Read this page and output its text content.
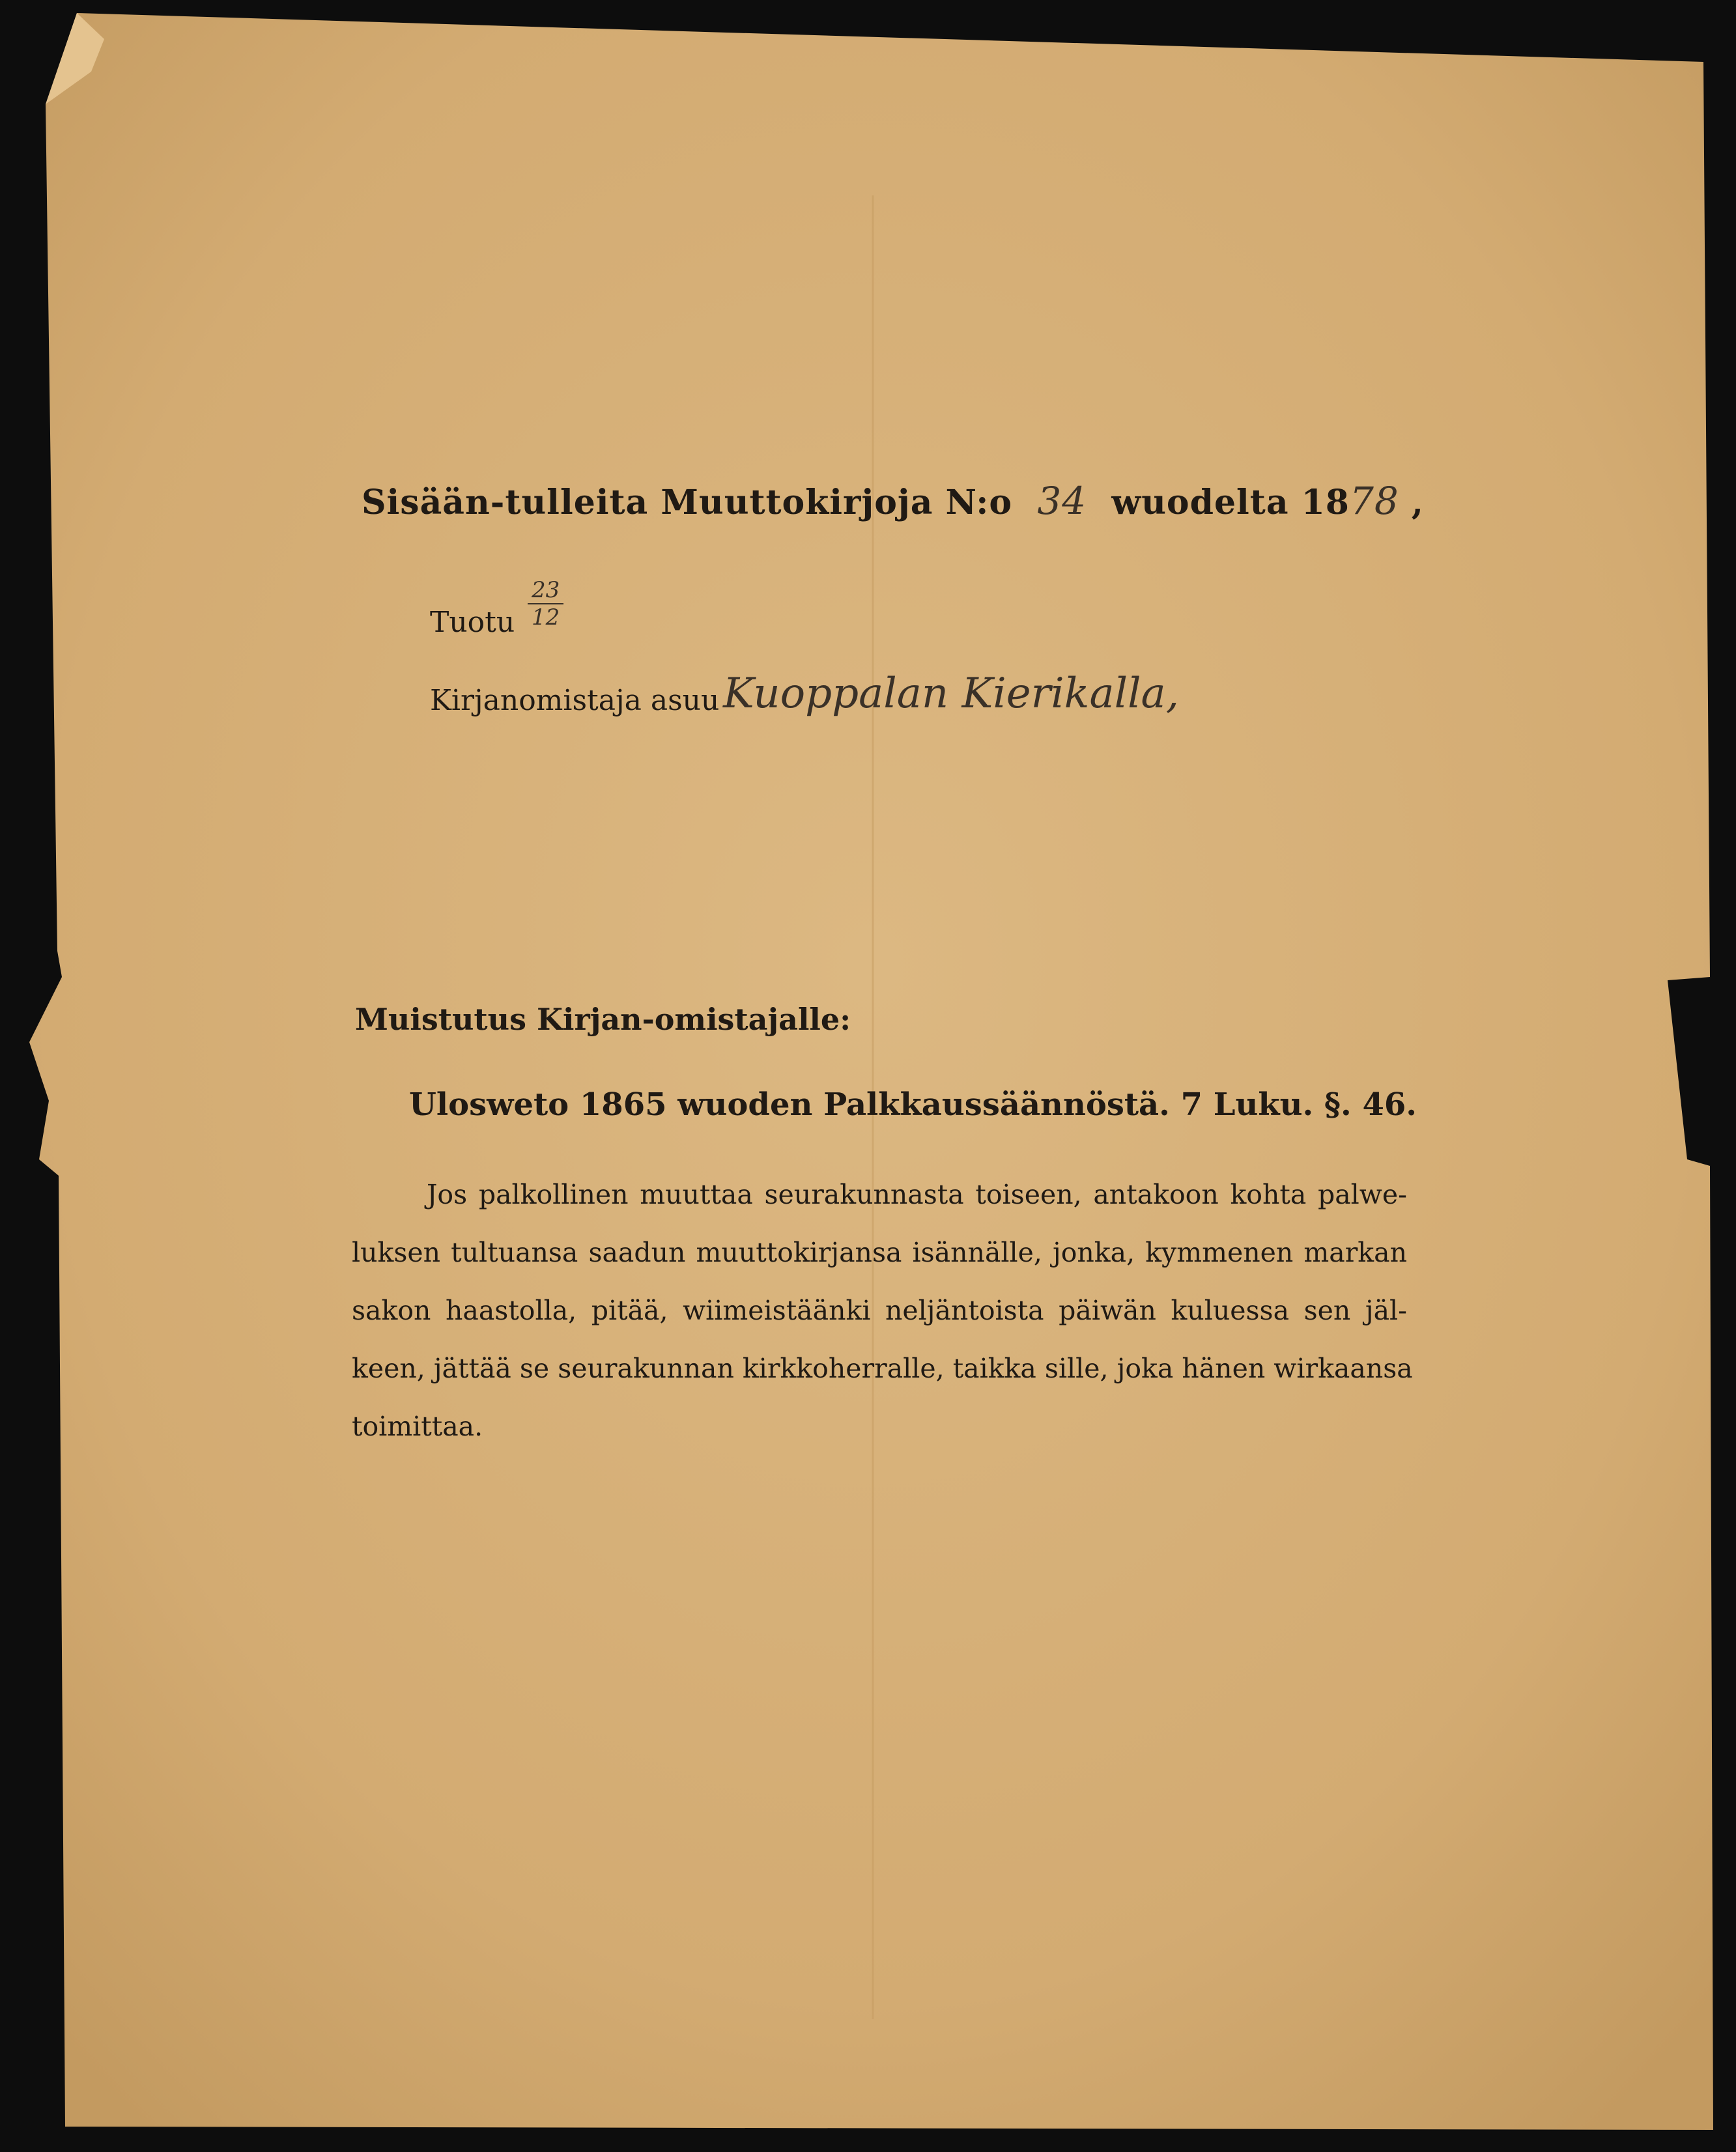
Sisään-tulleita Muuttokirjoja N:o 34 wuodelta 1878 ,
Tuotu $\frac{23}{12}$
Kirjanomistaja asuu Kuoppalan Kierikalla,
Muistutus Kirjan-omistajalle:
Ulosweto 1865 wuoden Palkkaussäännöstä. 7 Luku. §. 46.
Jos palkollinen muuttaa seurakunnasta toiseen, antakoon kohta palwe-
luksen tultuansa saadun muuttokirjansa isännälle, jonka, kymmenen markan
sakon haastolla, pitää, wiimeistäänki neljäntoista päiwän kuluessa sen jäl-
keen, jättää se seurakunnan kirkkoherralle, taikka sille, joka hänen wirkaansa
toimittaa.
